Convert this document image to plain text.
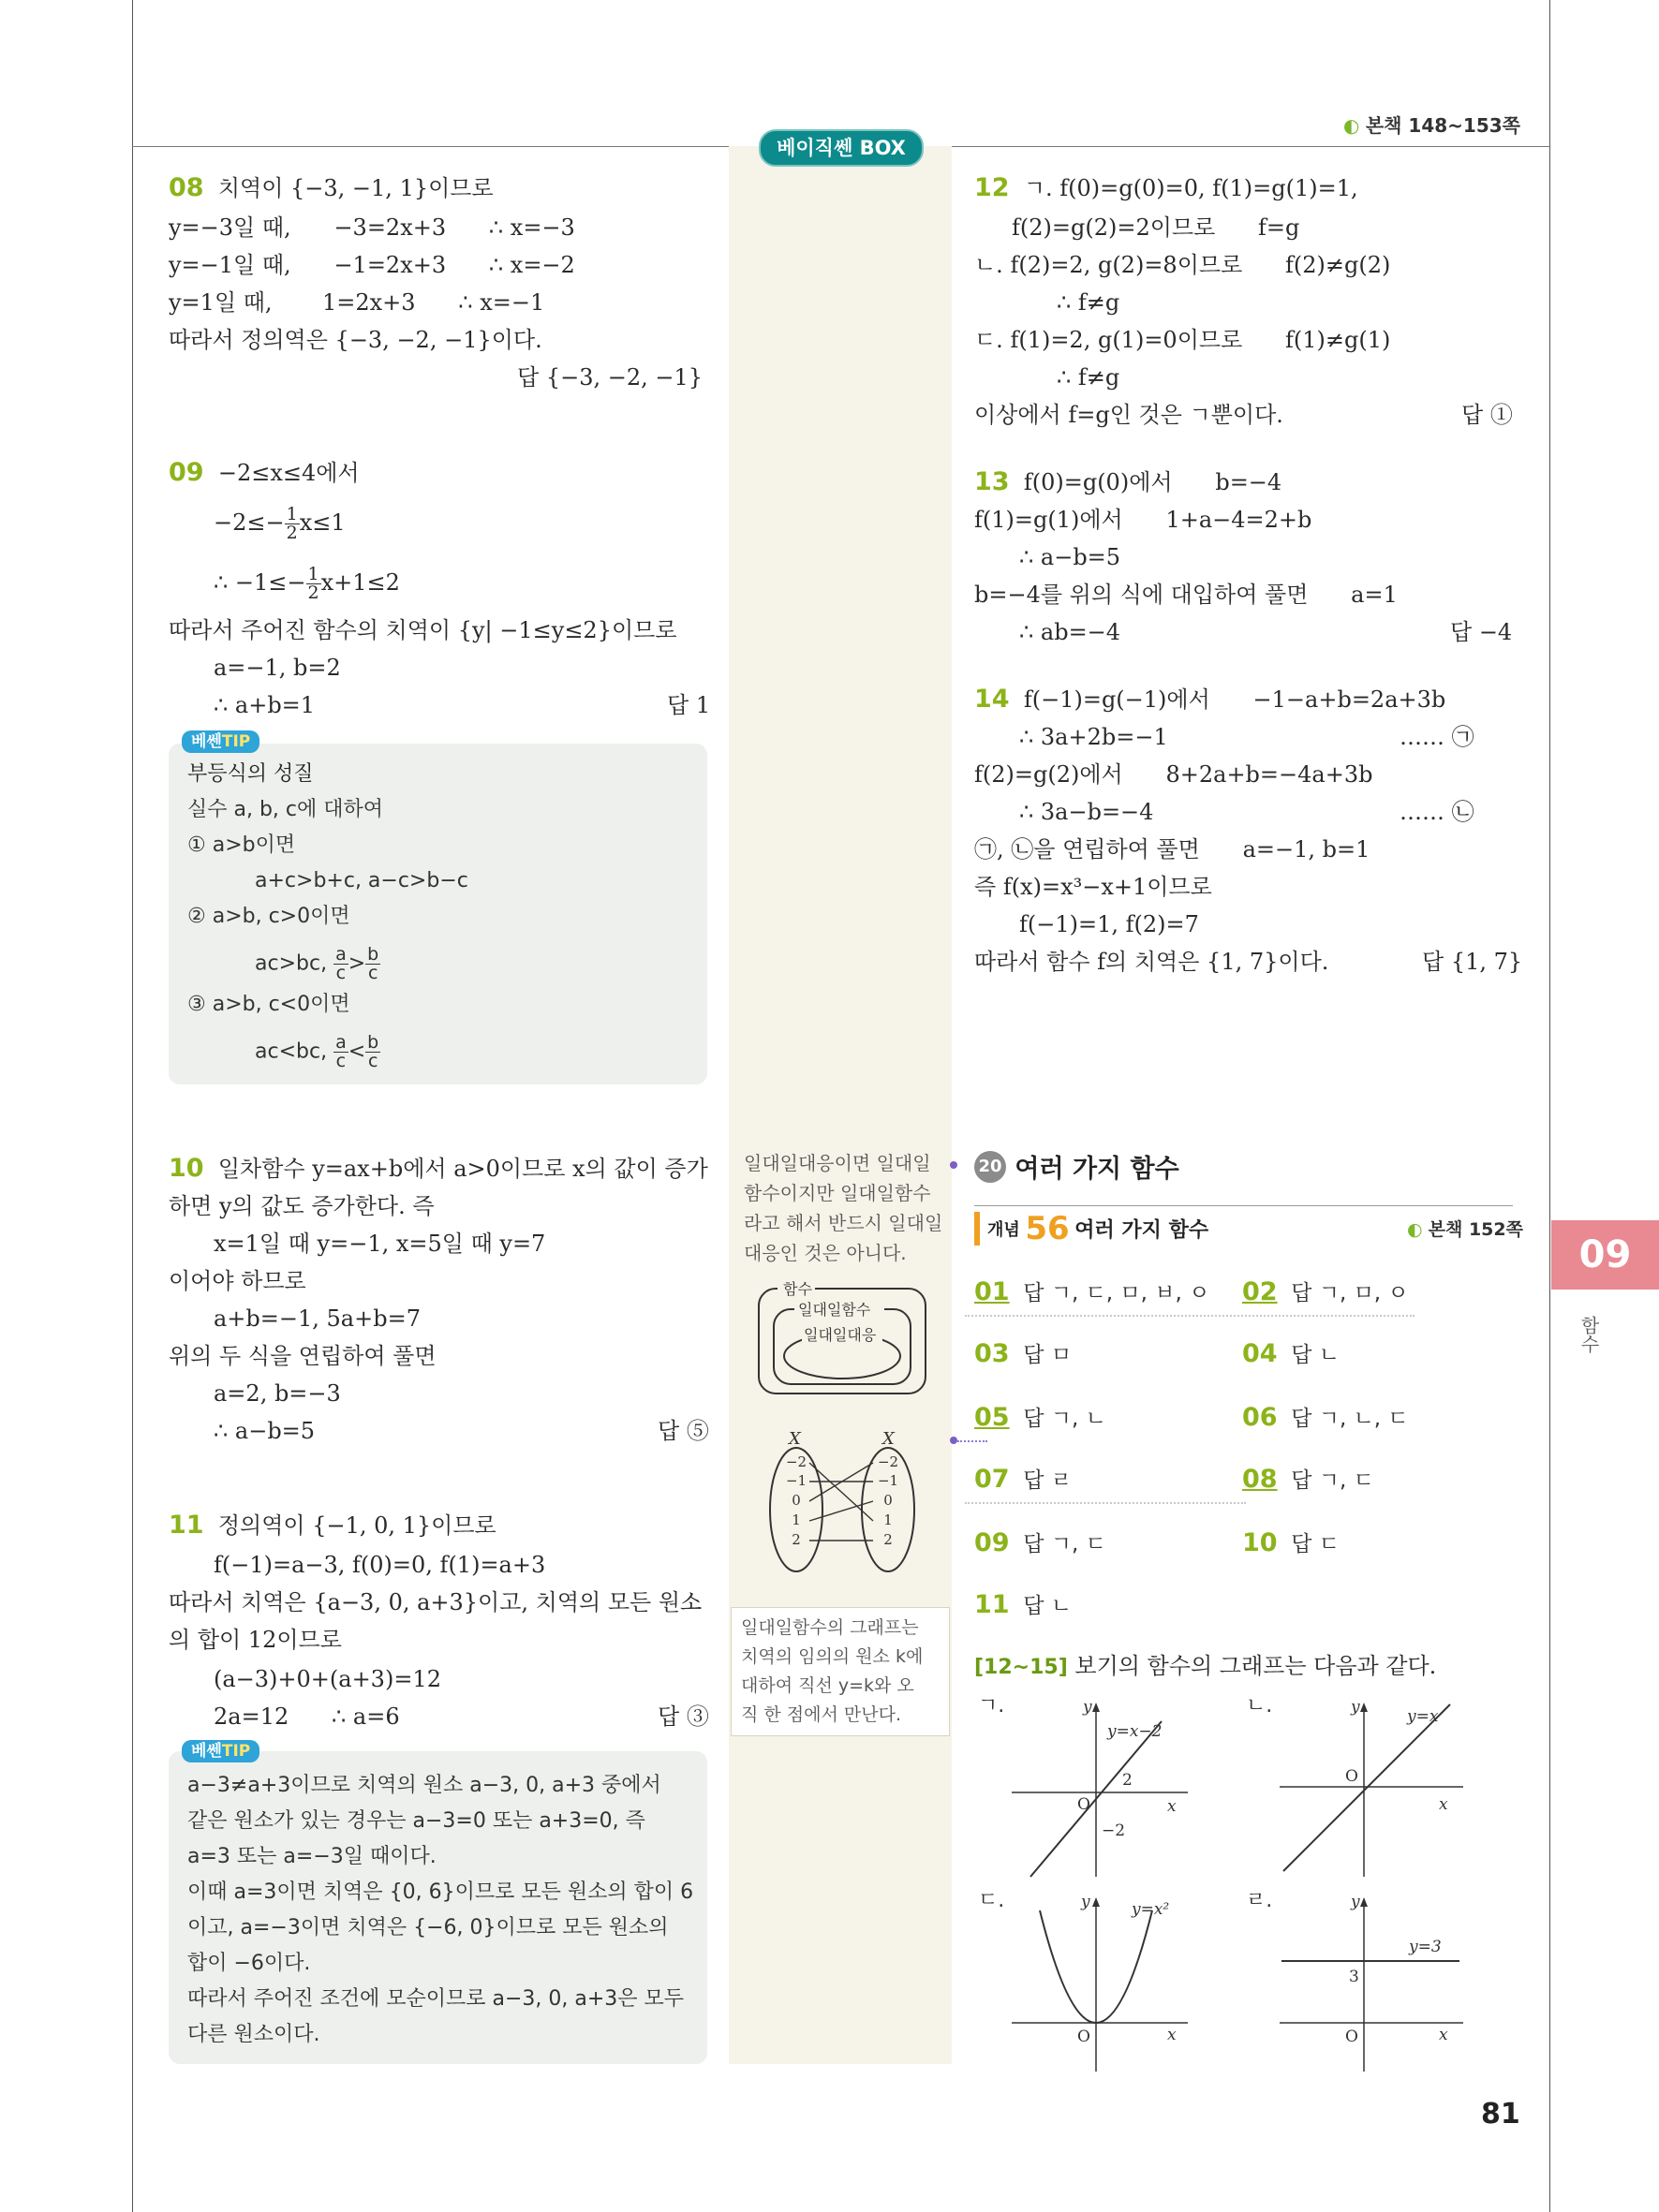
베이직쎈 BOX
◐ 본책 148~153쪽
09
함수
81
08 치역이 {−3, −1, 1}이므로
y=−3일 때,      −3=2x+3      ∴ x=−3
y=−1일 때,      −1=2x+3      ∴ x=−2
y=1일 때,       1=2x+3      ∴ x=−1
따라서 정의역은 {−3, −2, −1}이다.
답 {−3, −2, −1}
09 −2≤x≤4에서
$-2\le- \frac{1}{2} x\le 1$
∴ $-1\le- \frac{1}{2} x+1\le 2$
따라서 주어진 함수의 치역이 {y| −1≤y≤2}이므로
a=−1, b=2
∴ a+b=1	답 1
베쎈TIP
부등식의 성질
실수 a, b, c에 대하여
① a>b이면
a+c>b+c, a−c>b−c
② a>b, c>0이면
ac>bc, $\frac{a}{c} > \frac{b}{c}$
③ a>b, c<0이면
ac<bc, $\frac{a}{c} < \frac{b}{c}$
10 일차함수 y=ax+b에서 a>0이므로 x의 값이 증가
하면 y의 값도 증가한다. 즉
x=1일 때 y=−1, x=5일 때 y=7
이어야 하므로
a+b=−1, 5a+b=7
위의 두 식을 연립하여 풀면
a=2, b=−3
∴ a−b=5	답 ⑤
11 정의역이 {−1, 0, 1}이므로
f(−1)=a−3, f(0)=0, f(1)=a+3
따라서 치역은 {a−3, 0, a+3}이고, 치역의 모든 원소
의 합이 12이므로
(a−3)+0+(a+3)=12
2a=12      ∴ a=6	답 ③
베쎈TIP
a−3≠a+3이므로 치역의 원소 a−3, 0, a+3 중에서
같은 원소가 있는 경우는 a−3=0 또는 a+3=0, 즉
a=3 또는 a=−3일 때이다.
이때 a=3이면 치역은 {0, 6}이므로 모든 원소의 합이 6
이고, a=−3이면 치역은 {−6, 0}이므로 모든 원소의
합이 −6이다.
따라서 주어진 조건에 모순이므로 a−3, 0, a+3은 모두
다른 원소이다.
일대일대응이면 일대일
함수이지만 일대일함수
라고 해서 반드시 일대일
대응인 것은 아니다.
함수
일대일함수
일대일대응
X	X
−2
−1
0
1
2
−2
−1
0
1
2
일대일함수의 그래프는
치역의 임의의 원소 k에
대하여 직선 y=k와 오
직 한 점에서 만난다.
12 ㄱ. f(0)=g(0)=0, f(1)=g(1)=1,
f(2)=g(2)=2이므로      f=g
ㄴ. f(2)=2, g(2)=8이므로      f(2)≠g(2)
∴ f≠g
ㄷ. f(1)=2, g(1)=0이므로      f(1)≠g(1)
∴ f≠g
이상에서 f=g인 것은 ㄱ뿐이다.	답 ①
13 f(0)=g(0)에서      b=−4
f(1)=g(1)에서      1+a−4=2+b
∴ a−b=5
b=−4를 위의 식에 대입하여 풀면      a=1
∴ ab=−4	답 −4
14 f(−1)=g(−1)에서      −1−a+b=2a+3b
∴ 3a+2b=−1	…… ㉠
f(2)=g(2)에서      8+2a+b=−4a+3b
∴ 3a−b=−4	…… ㉡
㉠, ㉡을 연립하여 풀면      a=−1, b=1
즉 f(x)=x³−x+1이므로
f(−1)=1, f(2)=7
따라서 함수 f의 치역은 {1, 7}이다.	답 {1, 7}
20 여러 가지 함수
개념 56 여러 가지 함수	◐ 본책 152쪽
01 답 ㄱ, ㄷ, ㅁ, ㅂ, ㅇ 02 답 ㄱ, ㅁ, ㅇ
03 답 ㅁ	04 답 ㄴ
05 답 ㄱ, ㄴ	06 답 ㄱ, ㄴ, ㄷ
07 답 ㄹ	08 답 ㄱ, ㄷ
09 답 ㄱ, ㄷ	10 답 ㄷ
11 답 ㄴ
[12~15] 보기의 함수의 그래프는 다음과 같다.
ㄱ.	y
x
y=x−2
O
2
−2
ㄴ.	y
x
y=x
O
ㄷ.	y
x
y=x²
O
ㄹ.	y
x
y=3
3
O
